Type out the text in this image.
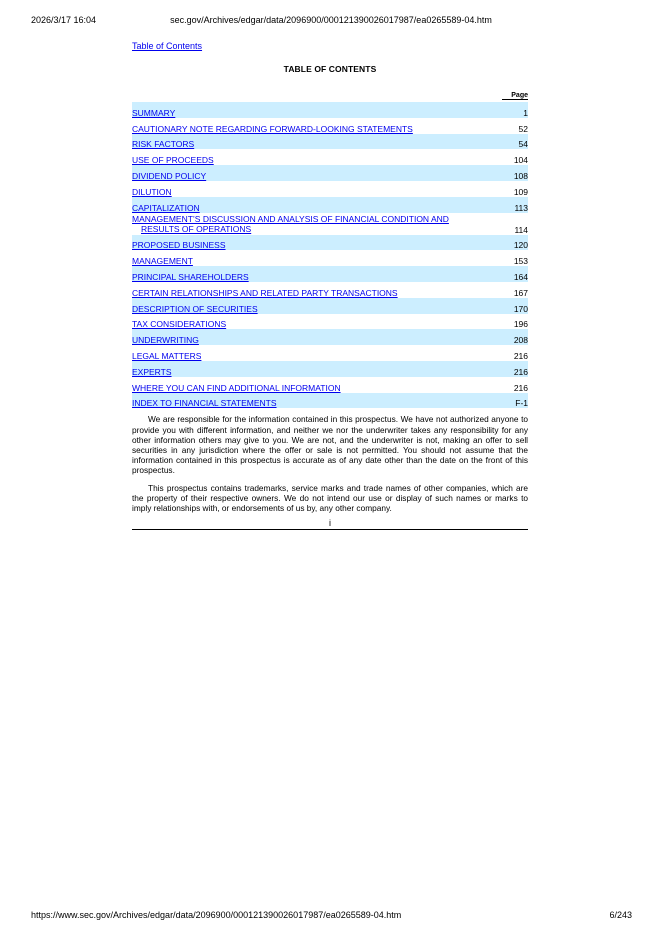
2026/3/17 16:04	sec.gov/Archives/edgar/data/2096900/000121390026017987/ea0265589-04.htm
Table of Contents
TABLE OF CONTENTS
	Page

SUMMARY	1
CAUTIONARY NOTE REGARDING FORWARD-LOOKING STATEMENTS	52
RISK FACTORS	54
USE OF PROCEEDS	104
DIVIDEND POLICY	108
DILUTION	109
CAPITALIZATION	113

MANAGEMENT’S DISCUSSION AND ANALYSIS OF FINANCIAL CONDITION AND
RESULTS OF OPERATIONS	114
PROPOSED BUSINESS	120
MANAGEMENT	153
PRINCIPAL SHAREHOLDERS	164
CERTAIN RELATIONSHIPS AND RELATED PARTY TRANSACTIONS	167
DESCRIPTION OF SECURITIES	170
TAX CONSIDERATIONS	196
UNDERWRITING	208
LEGAL MATTERS	216
EXPERTS	216
WHERE YOU CAN FIND ADDITIONAL INFORMATION	216
INDEX TO FINANCIAL STATEMENTS	F-1

We are responsible for the information contained in this prospectus. We have not authorized anyone to provide you with different information, and neither we nor the underwriter takes any responsibility for any other information others may give to you. We are not, and the underwriter is not, making an offer to sell securities in any jurisdiction where the offer or sale is not permitted. You should not assume that the information contained in this prospectus is accurate as of any date other than the date on the front of this prospectus.

This prospectus contains trademarks, service marks and trade names of other companies, which are the property of their respective owners. We do not intend our use or display of such names or marks to imply relationships with, or endorsements of us by, any other company.

i
https://www.sec.gov/Archives/edgar/data/2096900/000121390026017987/ea0265589-04.htm	6/243
